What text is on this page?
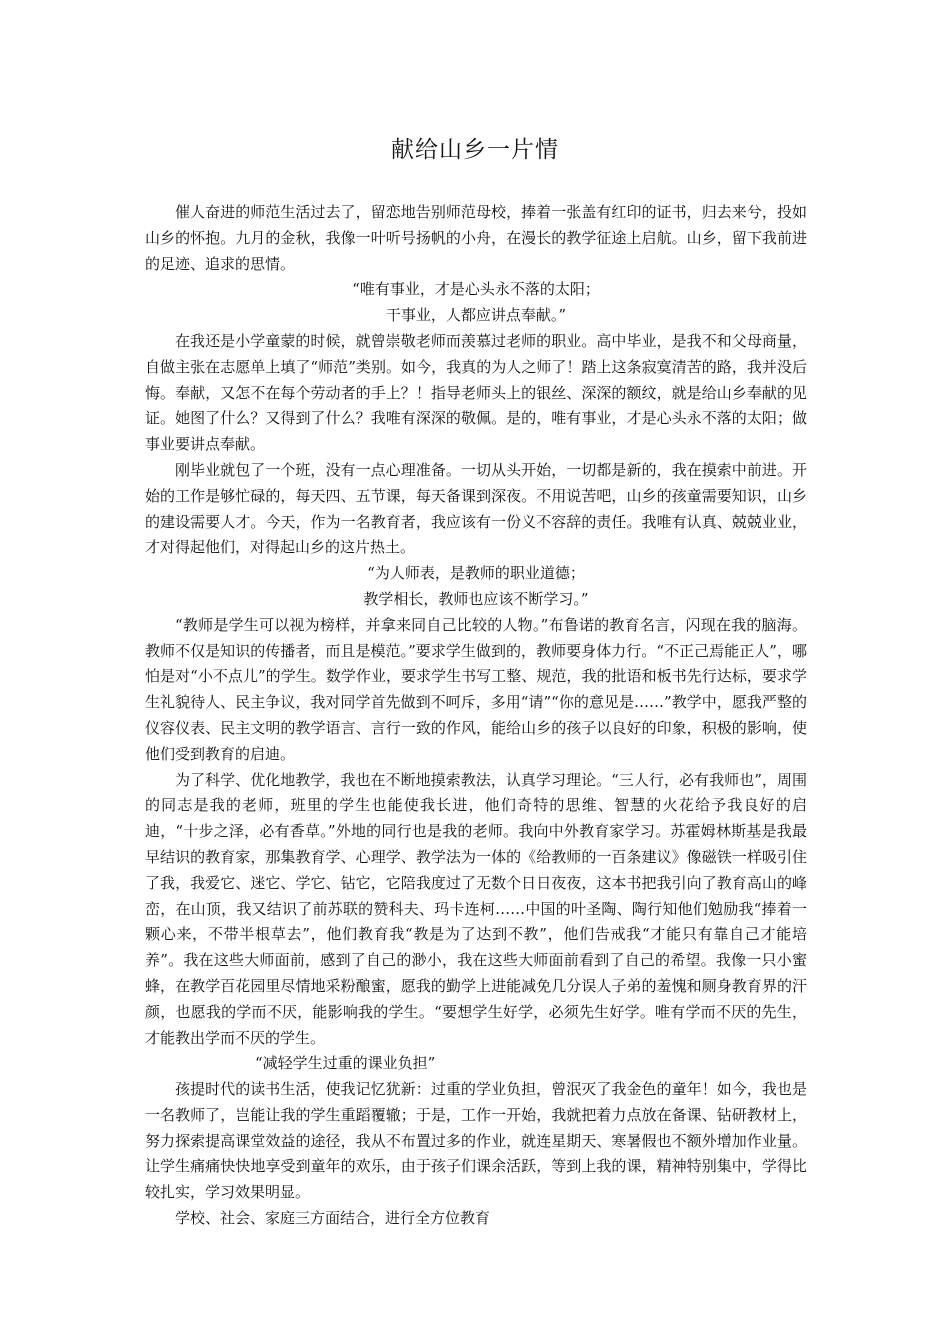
献给山乡一片情

催人奋进的师范生活过去了，留恋地告别师范母校，捧着一张盖有红印的证书，归去来兮，投如山乡的怀抱。九月的金秋，我像一叶听号扬帆的小舟，在漫长的教学征途上启航。山乡，留下我前进的足迹、追求的思情。

“唯有事业，才是心头永不落的太阳；

干事业，人都应讲点奉献。”

在我还是小学童蒙的时候，就曾崇敬老师而羡慕过老师的职业。高中毕业，是我不和父母商量，自做主张在志愿单上填了“师范”类别。如今，我真的为人之师了！踏上这条寂寞清苦的路，我并没后悔。奉献，又怎不在每个劳动者的手上？！指导老师头上的银丝、深深的额纹，就是给山乡奉献的见证。她图了什么？又得到了什么？我唯有深深的敬佩。是的，唯有事业，才是心头永不落的太阳；做事业要讲点奉献。

刚毕业就包了一个班，没有一点心理准备。一切从头开始，一切都是新的，我在摸索中前进。开始的工作是够忙碌的，每天四、五节课，每天备课到深夜。不用说苦吧，山乡的孩童需要知识，山乡的建设需要人才。今天，作为一名教育者，我应该有一份义不容辞的责任。我唯有认真、兢兢业业，才对得起他们，对得起山乡的这片热土。

“为人师表，是教师的职业道德；

教学相长，教师也应该不断学习。”

“教师是学生可以视为榜样，并拿来同自己比较的人物。”布鲁诺的教育名言，闪现在我的脑海。教师不仅是知识的传播者，而且是模范。”要求学生做到的，教师要身体力行。“不正己焉能正人”，哪怕是对“小不点儿”的学生。数学作业，要求学生书写工整、规范，我的批语和板书先行达标，要求学生礼貌待人、民主争议，我对同学首先做到不呵斥，多用“请”“你的意见是……”教学中，愿我严整的仪容仪表、民主文明的教学语言、言行一致的作风，能给山乡的孩子以良好的印象，积极的影响，使他们受到教育的启迪。

为了科学、优化地教学，我也在不断地摸索教法，认真学习理论。“三人行，必有我师也”，周围的同志是我的老师，班里的学生也能使我长进，他们奇特的思维、智慧的火花给予我良好的启迪，“十步之泽，必有香草。”外地的同行也是我的老师。我向中外教育家学习。苏霍姆林斯基是我最早结识的教育家，那集教育学、心理学、教学法为一体的《给教师的一百条建议》像磁铁一样吸引住了我，我爱它、迷它、学它、钻它，它陪我度过了无数个日日夜夜，这本书把我引向了教育高山的峰峦，在山顶，我又结识了前苏联的赞科夫、玛卡连柯……中国的叶圣陶、陶行知他们勉励我“捧着一颗心来，不带半根草去”，他们教育我“教是为了达到不教”，他们告戒我“才能只有靠自己才能培养”。我在这些大师面前，感到了自己的渺小，我在这些大师面前看到了自己的希望。我像一只小蜜蜂，在教学百花园里尽情地采粉酿蜜，愿我的勤学上进能减免几分误人子弟的羞愧和厕身教育界的汗颜，也愿我的学而不厌，能影响我的学生。“要想学生好学，必须先生好学。唯有学而不厌的先生，才能教出学而不厌的学生。

“减轻学生过重的课业负担”

孩提时代的读书生活，使我记忆犹新：过重的学业负担，曾泯灭了我金色的童年！如今，我也是一名教师了，岂能让我的学生重蹈覆辙；于是，工作一开始，我就把着力点放在备课、钻研教材上，努力探索提高课堂效益的途径，我从不布置过多的作业，就连星期天、寒暑假也不额外增加作业量。让学生痛痛快快地享受到童年的欢乐，由于孩子们课余活跃，等到上我的课，精神特别集中，学得比较扎实，学习效果明显。

学校、社会、家庭三方面结合，进行全方位教育
